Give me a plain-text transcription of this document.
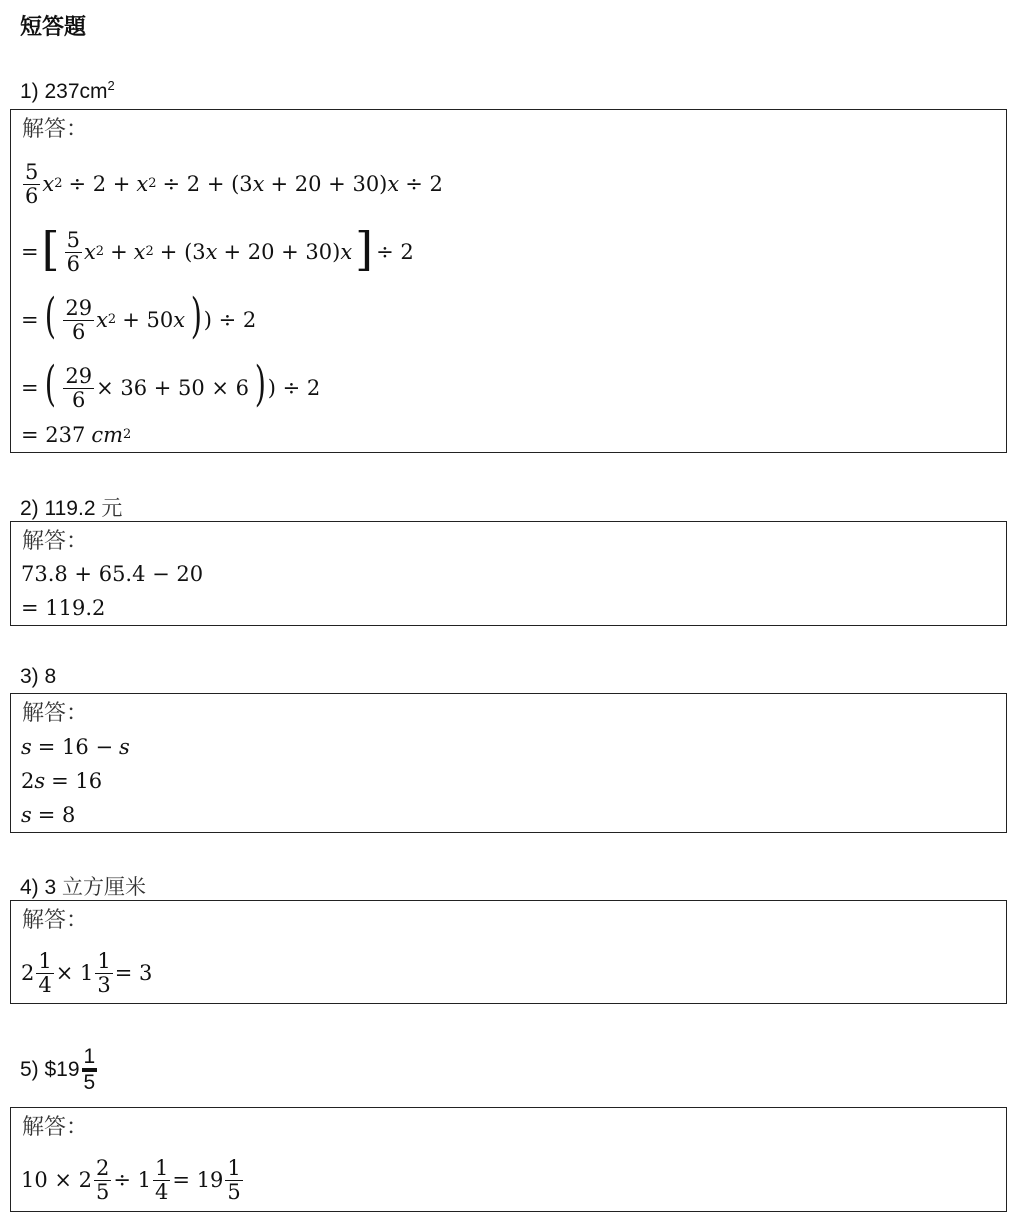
短答題
1) $237cm^2$
解答：
$\frac{5}{6}$ x 2 ÷ 2 + x 2 ÷ 2 + (3 x + 20 + 30) x ÷ 2
= [ $\frac{5}{6}$ x 2 + x 2 + (3 x + 20 + 30) x ] ÷ 2
= ( $\frac{29}{6}$ x 2 + 50 x ) ) ÷ 2
= ( $\frac{29}{6} \times 36 + 50 \times 6$ ) ) ÷ 2
= 237 cm 2
2) 119.2 元
解答：
73.8 + 65.4 − 20
= 119.2
3) 8
解答：
s = 16 − s
2 s = 16
s = 8
4) 3 立方厘米
解答：
$2 \frac{1}{4} \times 1 \frac{1}{3} = 3$
5) $19 $\frac{1}{5}$
解答：
$10 \times 2 \frac{2}{5} \div 1 \frac{1}{4} = 19 \frac{1}{5}$
